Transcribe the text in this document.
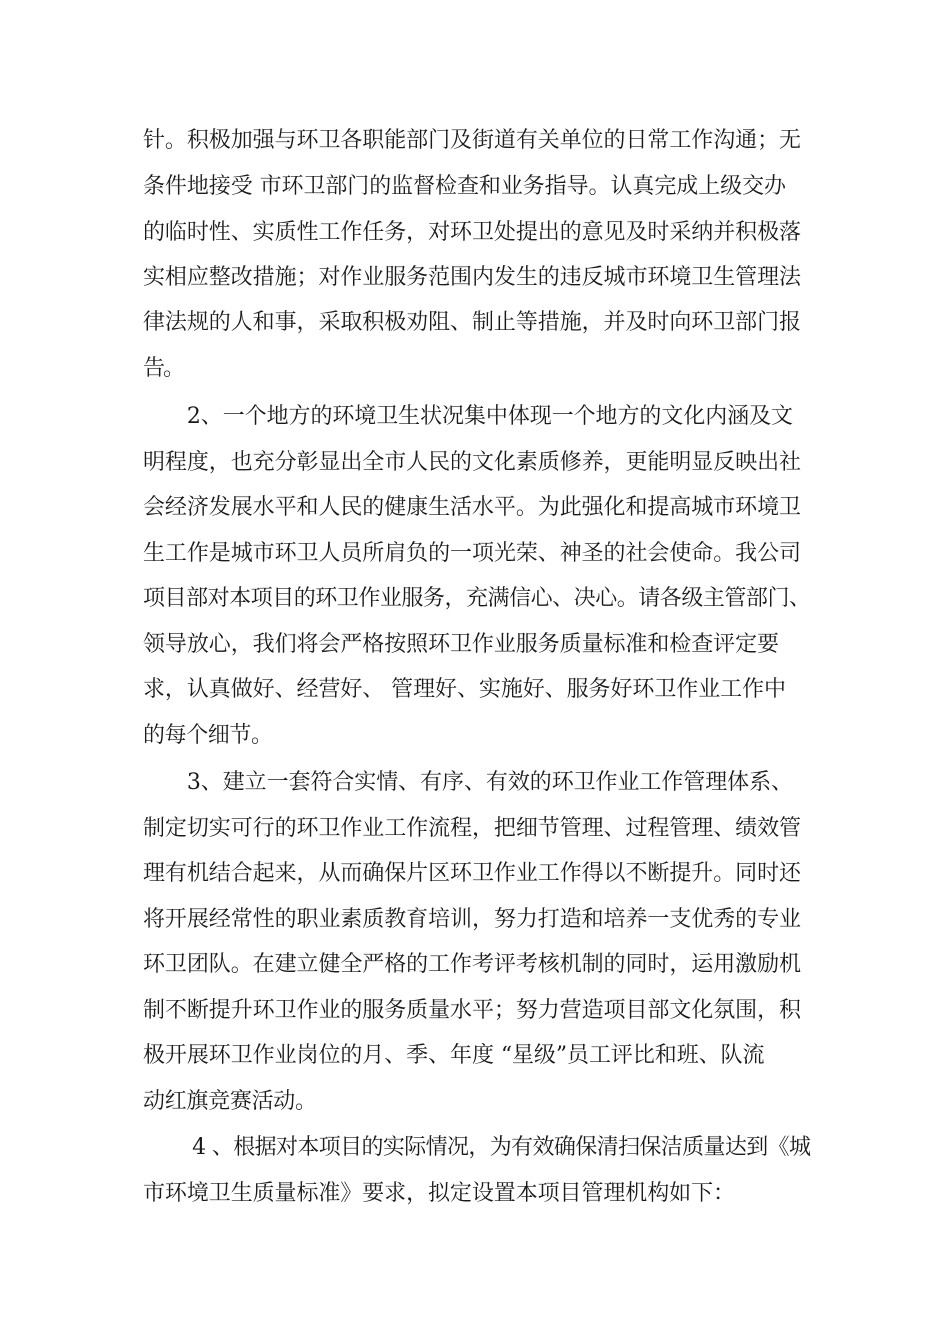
针。积极加强与环卫各职能部门及街道有关单位的日常工作沟通；无
条件地接受 市环卫部门的监督检查和业务指导。认真完成上级交办
的临时性、实质性工作任务，对环卫处提出的意见及时采纳并积极落
实相应整改措施；对作业服务范围内发生的违反城市环境卫生管理法
律法规的人和事，采取积极劝阻、制止等措施，并及时向环卫部门报
告。
　　2、一个地方的环境卫生状况集中体现一个地方的文化内涵及文
明程度，也充分彰显出全市人民的文化素质修养，更能明显反映出社
会经济发展水平和人民的健康生活水平。为此强化和提高城市环境卫
生工作是城市环卫人员所肩负的一项光荣、神圣的社会使命。我公司
项目部对本项目的环卫作业服务，充满信心、决心。请各级主管部门、
领导放心，我们将会严格按照环卫作业服务质量标准和检查评定要
求，认真做好、经营好、 管理好、实施好、服务好环卫作业工作中
的每个细节。
　　3、建立一套符合实情、有序、有效的环卫作业工作管理体系、
制定切实可行的环卫作业工作流程，把细节管理、过程管理、绩效管
理有机结合起来，从而确保片区环卫作业工作得以不断提升。同时还
将开展经常性的职业素质教育培训，努力打造和培养一支优秀的专业
环卫团队。在建立健全严格的工作考评考核机制的同时，运用激励机
制不断提升环卫作业的服务质量水平；努力营造项目部文化氛围，积
极开展环卫作业岗位的月、季、年度 “星级”员工评比和班、队流
动红旗竞赛活动。
　　 4 、根据对本项目的实际情况，为有效确保清扫保洁质量达到《城
市环境卫生质量标准》要求，拟定设置本项目管理机构如下：
